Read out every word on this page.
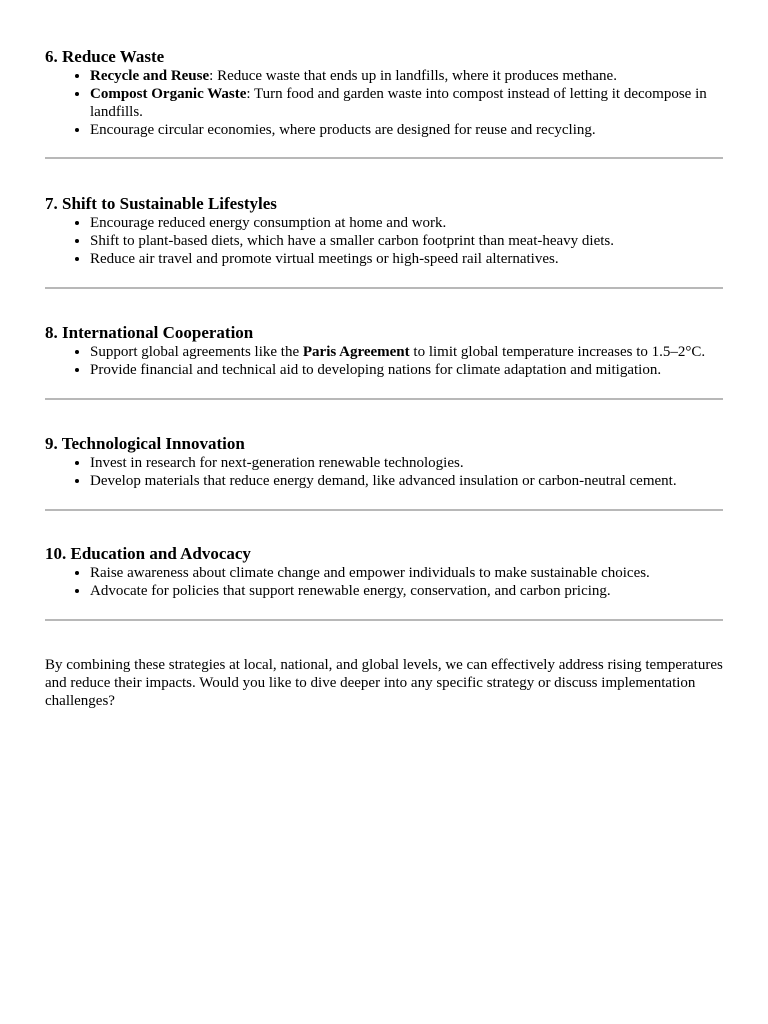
6. Reduce Waste
• Recycle and Reuse: Reduce waste that ends up in landfills, where it produces methane.
• Compost Organic Waste: Turn food and garden waste into compost instead of letting it decompose in landfills.
• Encourage circular economies, where products are designed for reuse and recycling.
7. Shift to Sustainable Lifestyles
• Encourage reduced energy consumption at home and work.
• Shift to plant-based diets, which have a smaller carbon footprint than meat-heavy diets.
• Reduce air travel and promote virtual meetings or high-speed rail alternatives.
8. International Cooperation
• Support global agreements like the Paris Agreement to limit global temperature increases to 1.5–2°C.
• Provide financial and technical aid to developing nations for climate adaptation and mitigation.
9. Technological Innovation
• Invest in research for next-generation renewable technologies.
• Develop materials that reduce energy demand, like advanced insulation or carbon-neutral cement.
10. Education and Advocacy
• Raise awareness about climate change and empower individuals to make sustainable choices.
• Advocate for policies that support renewable energy, conservation, and carbon pricing.

By combining these strategies at local, national, and global levels, we can effectively address rising temperatures and reduce their impacts. Would you like to dive deeper into any specific strategy or discuss implementation challenges?
